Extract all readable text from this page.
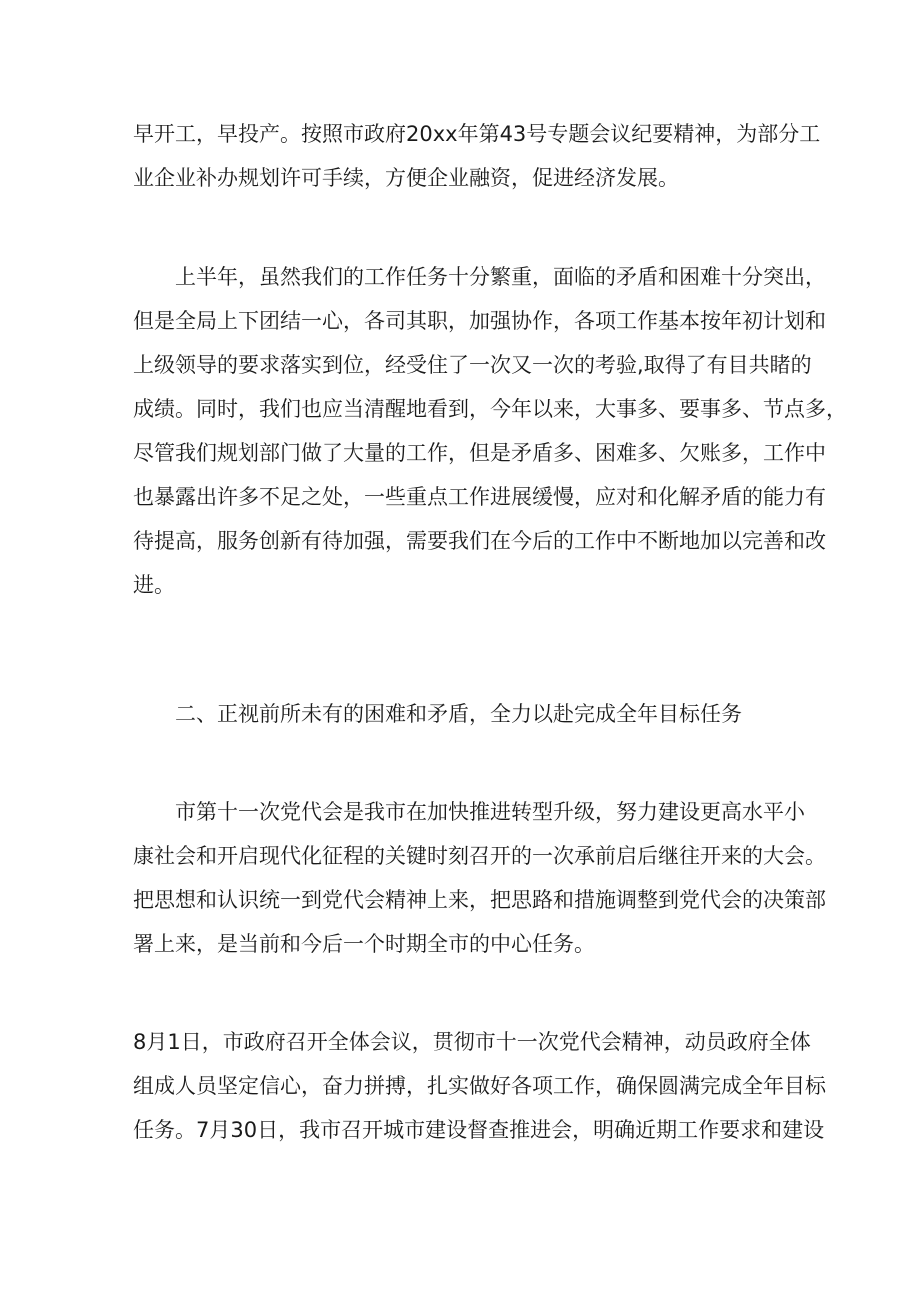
早开工，早投产。按照市政府20xx年第43号专题会议纪要精神，为部分工

业企业补办规划许可手续，方便企业融资，促进经济发展。

上半年，虽然我们的工作任务十分繁重，面临的矛盾和困难十分突出，

但是全局上下团结一心，各司其职，加强协作，各项工作基本按年初计划和

上级领导的要求落实到位，经受住了一次又一次的考验,取得了有目共睹的

成绩。同时，我们也应当清醒地看到，今年以来，大事多、要事多、节点多，

尽管我们规划部门做了大量的工作，但是矛盾多、困难多、欠账多，工作中

也暴露出许多不足之处，一些重点工作进展缓慢，应对和化解矛盾的能力有

待提高，服务创新有待加强，需要我们在今后的工作中不断地加以完善和改

进。

二、正视前所未有的困难和矛盾，全力以赴完成全年目标任务

市第十一次党代会是我市在加快推进转型升级，努力建设更高水平小

康社会和开启现代化征程的关键时刻召开的一次承前启后继往开来的大会。

把思想和认识统一到党代会精神上来，把思路和措施调整到党代会的决策部

署上来，是当前和今后一个时期全市的中心任务。

8月1日，市政府召开全体会议，贯彻市十一次党代会精神，动员政府全体

组成人员坚定信心，奋力拼搏，扎实做好各项工作，确保圆满完成全年目标

任务。7月30日，我市召开城市建设督查推进会，明确近期工作要求和建设
